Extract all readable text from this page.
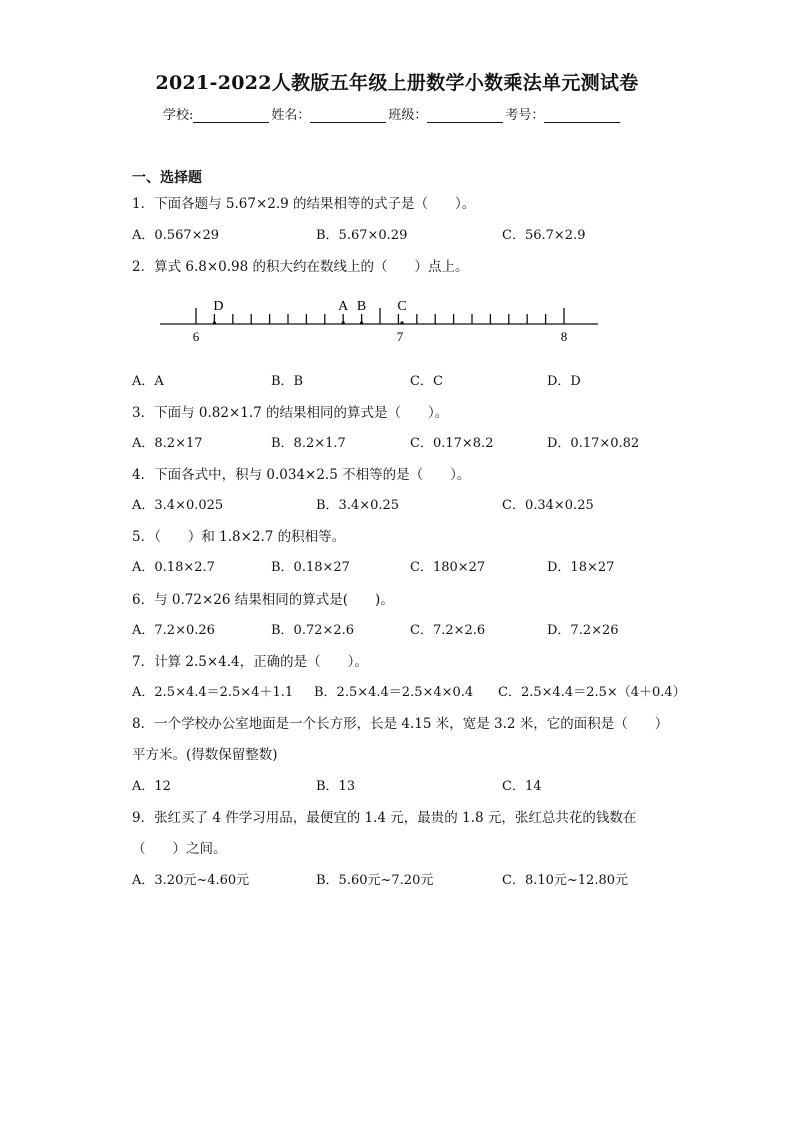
2021-2022人教版五年级上册数学小数乘法单元测试卷
学校:	姓名：	班级：	考号：
一、选择题
1．下面各题与 5.67×2.9 的结果相等的式子是（　　）。
A．0.567×29	B．5.67×0.29	C．56.7×2.9
2．算式 6.8×0.98 的积大约在数线上的（　　）点上。
D	A B C
6	7	8
A．A	B．B	C．C	D．D
3．下面与 0.82×1.7 的结果相同的算式是（　　）。
A．8.2×17	B．8.2×1.7	C．0.17×8.2	D．0.17×0.82
4．下面各式中，积与 0.034×2.5 不相等的是（　　）。
A．3.4×0.025	B．3.4×0.25	C．0.34×0.25
5．（　　）和 1.8×2.7 的积相等。
A．0.18×2.7	B．0.18×27	C．180×27	D．18×27
6．与 0.72×26 结果相同的算式是(　　)。
A．7.2×0.26	B．0.72×2.6	C．7.2×2.6	D．7.2×26
7．计算 2.5×4.4，正确的是（　　）。
A．2.5×4.4＝2.5×4＋1.1 B．2.5×4.4＝2.5×4×0.4 C．2.5×4.4＝2.5×（4＋0.4）
8．一个学校办公室地面是一个长方形，长是 4.15 米，宽是 3.2 米，它的面积是（　　）
平方米。(得数保留整数)
A．12	B．13	C．14
9．张红买了 4 件学习用品，最便宜的 1.4 元，最贵的 1.8 元，张红总共花的钱数在
（　　）之间。
A．3.20元~4.60元	B．5.60元~7.20元	C．8.10元~12.80元
